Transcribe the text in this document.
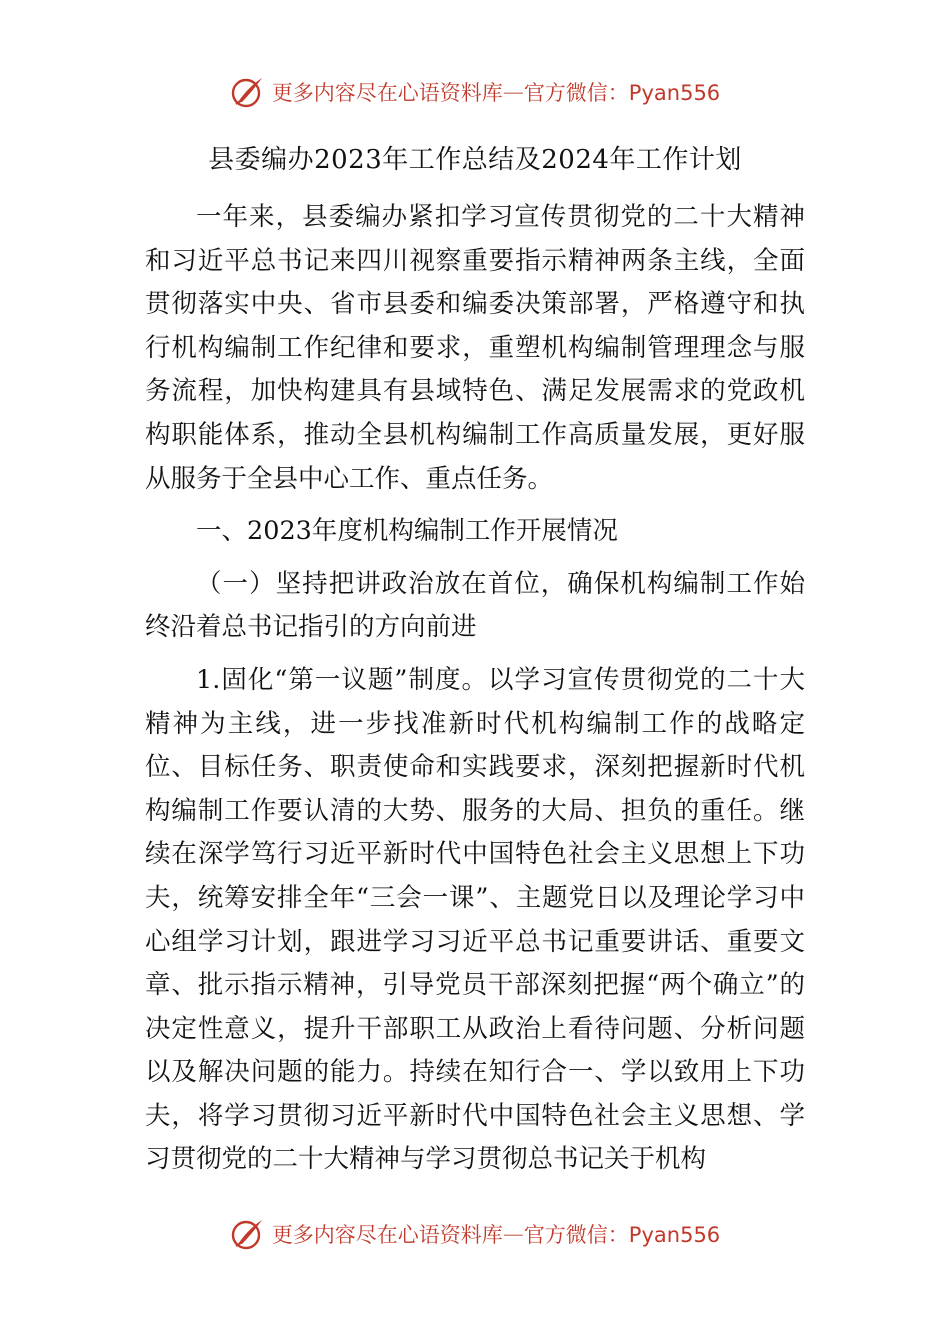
更多内容尽在心语资料库 — 官方微信：Pyan556
县委编办2023年工作总结及2024年工作计划

一年来，县委编办紧扣学习宣传贯彻党的二十大精神和习近平总书记来四川视察重要指示精神两条主线，全面贯彻落实中央、省市县委和编委决策部署，严格遵守和执行机构编制工作纪律和要求，重塑机构编制管理理念与服务流程，加快构建具有县域特色、满足发展需求的党政机构职能体系，推动全县机构编制工作高质量发展，更好服从服务于全县中心工作、重点任务。

一、2023年度机构编制工作开展情况

（一）坚持把讲政治放在首位，确保机构编制工作始终沿着总书记指引的方向前进

1.固化“第一议题”制度。以学习宣传贯彻党的二十大精神为主线，进一步找准新时代机构编制工作的战略定位、目标任务、职责使命和实践要求，深刻把握新时代机构编制工作要认清的大势、服务的大局、担负的重任。继续在深学笃行习近平新时代中国特色社会主义思想上下功夫，统筹安排全年“三会一课”、主题党日以及理论学习中心组学习计划，跟进学习习近平总书记重要讲话、重要文章、批示指示精神，引导党员干部深刻把握“两个确立”的决定性意义，提升干部职工从政治上看待问题、分析问题以及解决问题的能力。持续在知行合一、学以致用上下功夫，将学习贯彻习近平新时代中国特色社会主义思想、学习贯彻党的二十大精神与学习贯彻总书记关于机构

更多内容尽在心语资料库 — 官方微信：Pyan556
